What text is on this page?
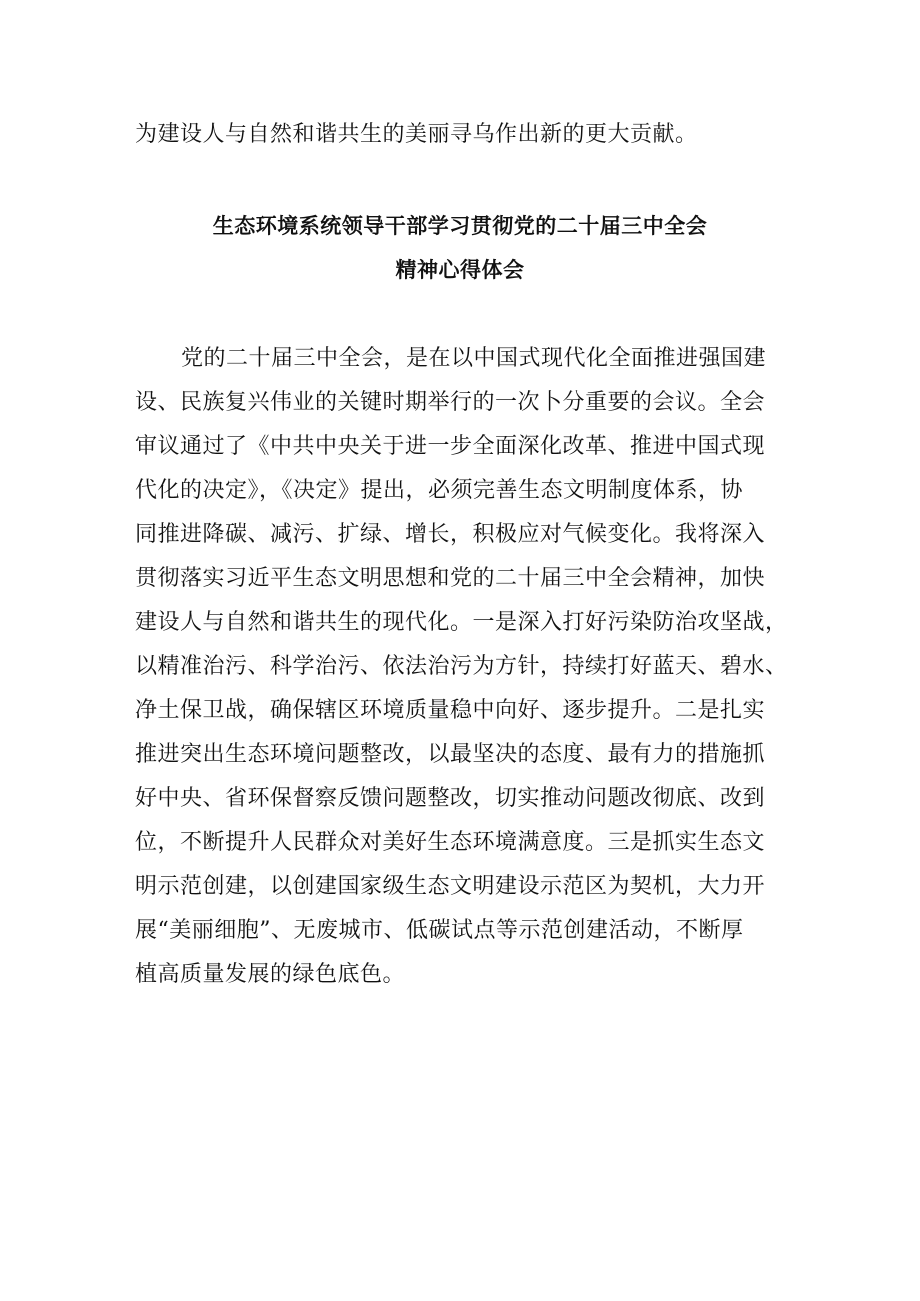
为建设人与自然和谐共生的美丽寻乌作出新的更大贡献。
生态环境系统领导干部学习贯彻党的二十届三中全会
精神心得体会
党的二十届三中全会，是在以中国式现代化全面推进强国建
设、民族复兴伟业的关键时期举行的一次卜分重要的会议。全会
审议通过了《中共中央关于进一步全面深化改革、推进中国式现
代化的决定》，《决定》提出，必须完善生态文明制度体系，协
同推进降碳、减污、扩绿、增长，积极应对气候变化。我将深入
贯彻落实习近平生态文明思想和党的二十届三中全会精神，加快
建设人与自然和谐共生的现代化。一是深入打好污染防治攻坚战，
以精准治污、科学治污、依法治污为方针，持续打好蓝天、碧水、
净土保卫战，确保辖区环境质量稳中向好、逐步提升。二是扎实
推进突出生态环境问题整改，以最坚决的态度、最有力的措施抓
好中央、省环保督察反馈问题整改，切实推动问题改彻底、改到
位，不断提升人民群众对美好生态环境满意度。三是抓实生态文
明示范创建，以创建国家级生态文明建设示范区为契机，大力开
展“美丽细胞”、无废城市、低碳试点等示范创建活动，不断厚
植高质量发展的绿色底色。
